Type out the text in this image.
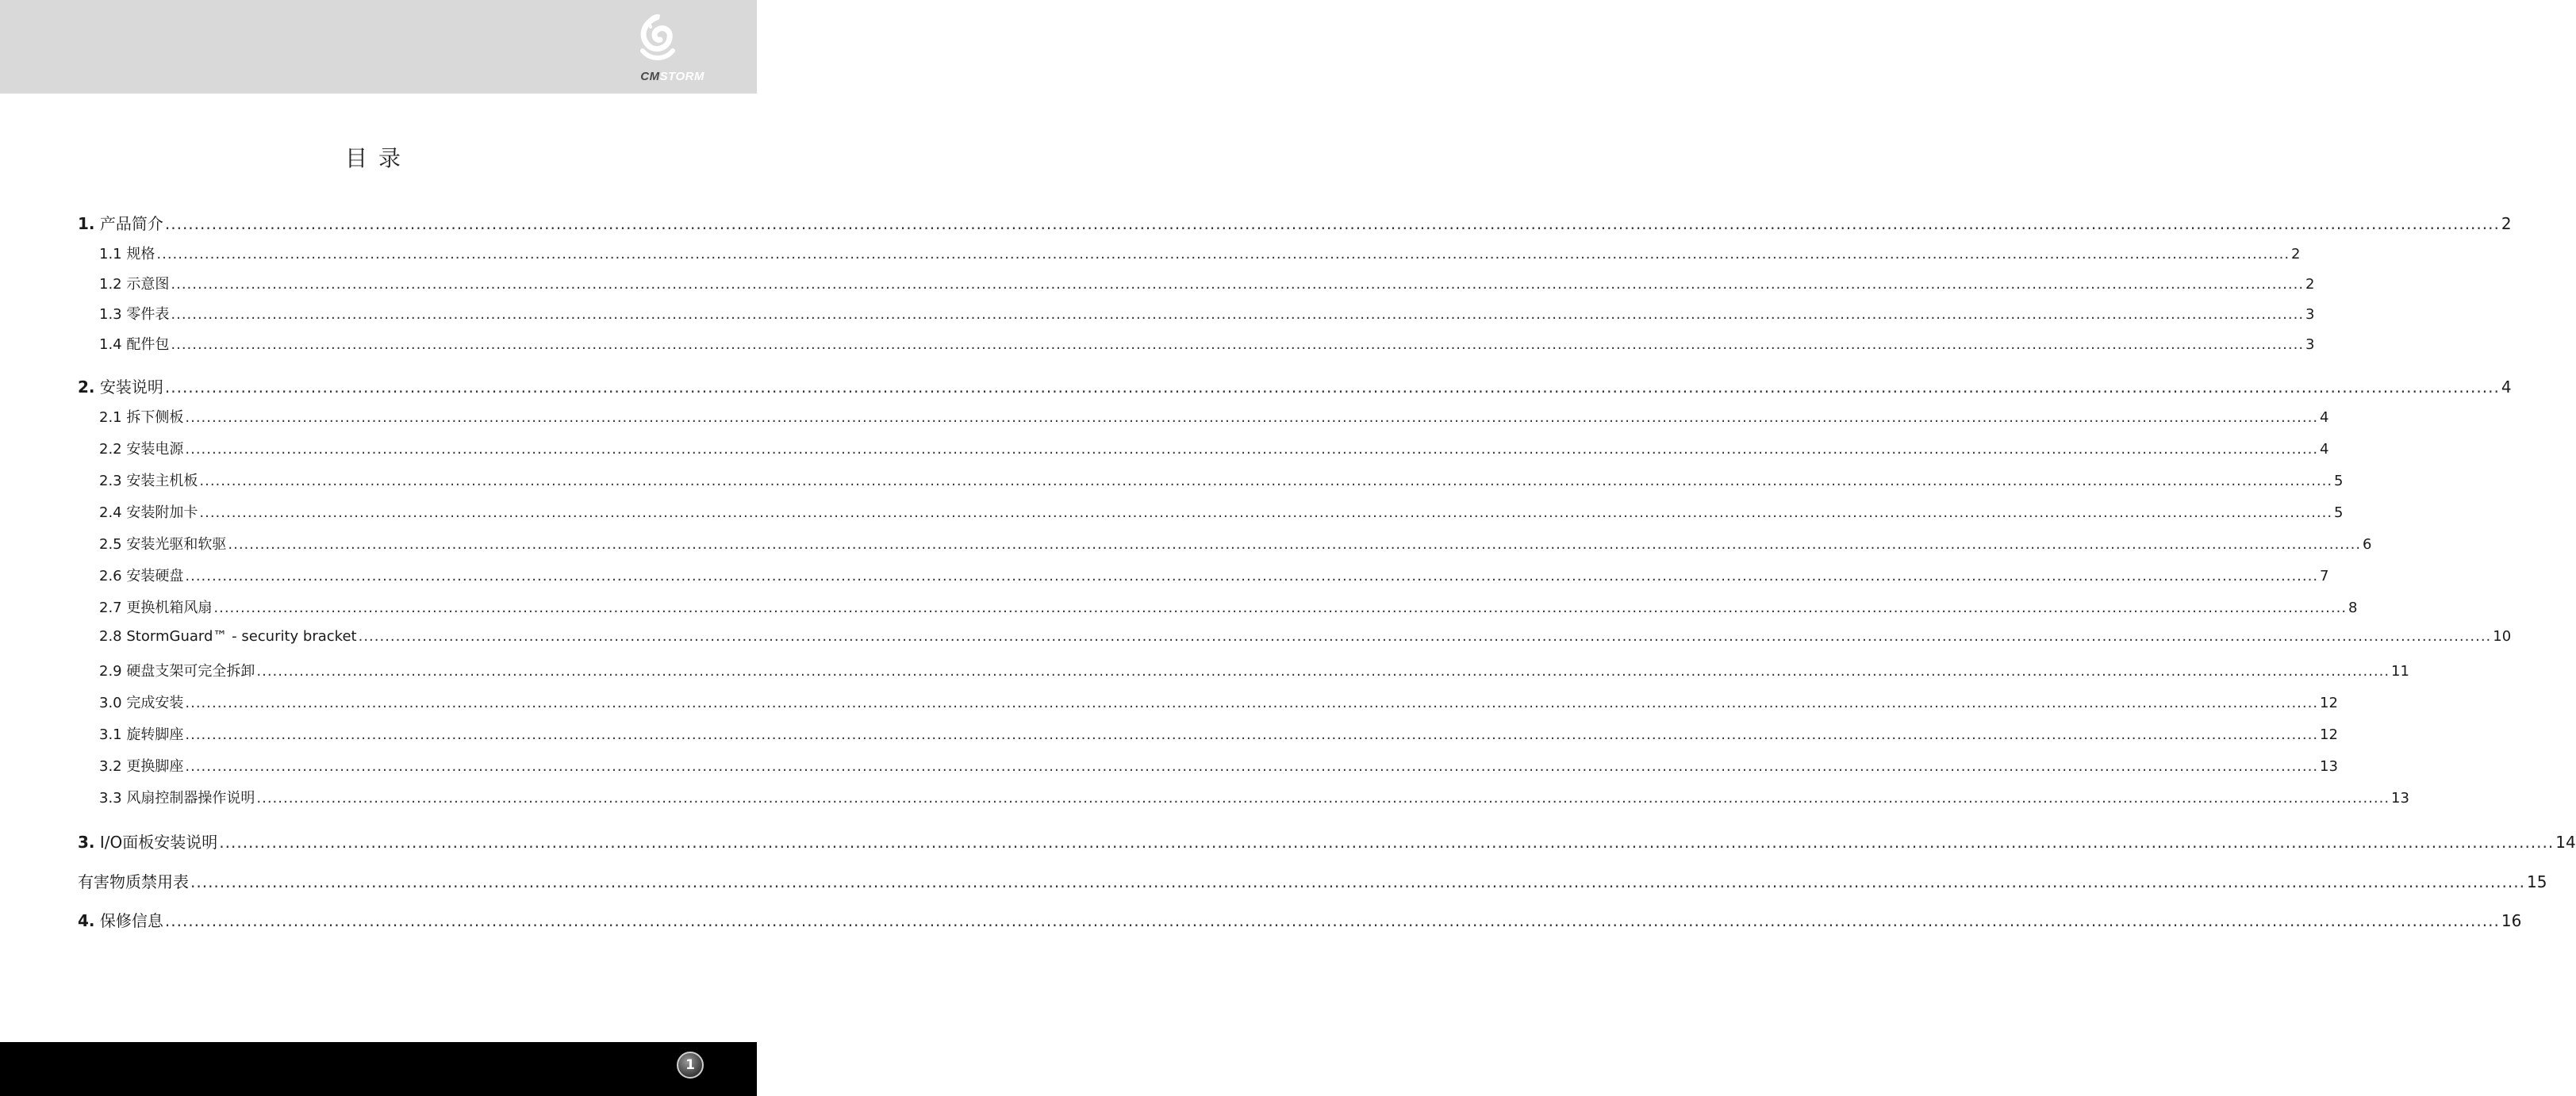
CMSTORM
目录
1. 产品简介 ................................................................................................................................................................................................................................................................................................................................................................................................................ 2
1.1 规格 ................................................................................................................................................................................................................................................................................................................................................................................................................ 2
1.2 示意图 ................................................................................................................................................................................................................................................................................................................................................................................................................ 2
1.3 零件表 ................................................................................................................................................................................................................................................................................................................................................................................................................ 3
1.4 配件包 ................................................................................................................................................................................................................................................................................................................................................................................................................ 3
2. 安装说明 ................................................................................................................................................................................................................................................................................................................................................................................................................ 4
2.1 拆下侧板 ................................................................................................................................................................................................................................................................................................................................................................................................................ 4
2.2 安装电源 ................................................................................................................................................................................................................................................................................................................................................................................................................ 4
2.3 安装主机板 ................................................................................................................................................................................................................................................................................................................................................................................................................ 5
2.4 安装附加卡 ................................................................................................................................................................................................................................................................................................................................................................................................................ 5
2.5 安装光驱和软驱 ................................................................................................................................................................................................................................................................................................................................................................................................................ 6
2.6 安装硬盘 ................................................................................................................................................................................................................................................................................................................................................................................................................ 7
2.7 更换机箱风扇 ................................................................................................................................................................................................................................................................................................................................................................................................................ 8
2.8 StormGuard™ - security bracket ................................................................................................................................................................................................................................................................................................................................................................................................................ 10
2.9 硬盘支架可完全拆卸 ................................................................................................................................................................................................................................................................................................................................................................................................................ 11
3.0 完成安装 ................................................................................................................................................................................................................................................................................................................................................................................................................ 12
3.1 旋转脚座 ................................................................................................................................................................................................................................................................................................................................................................................................................ 12
3.2 更换脚座 ................................................................................................................................................................................................................................................................................................................................................................................................................ 13
3.3 风扇控制器操作说明 ................................................................................................................................................................................................................................................................................................................................................................................................................ 13
3. I/O面板安装说明 ................................................................................................................................................................................................................................................................................................................................................................................................................ 14
有害物质禁用表 ................................................................................................................................................................................................................................................................................................................................................................................................................ 15
4. 保修信息 ................................................................................................................................................................................................................................................................................................................................................................................................................ 16
1
